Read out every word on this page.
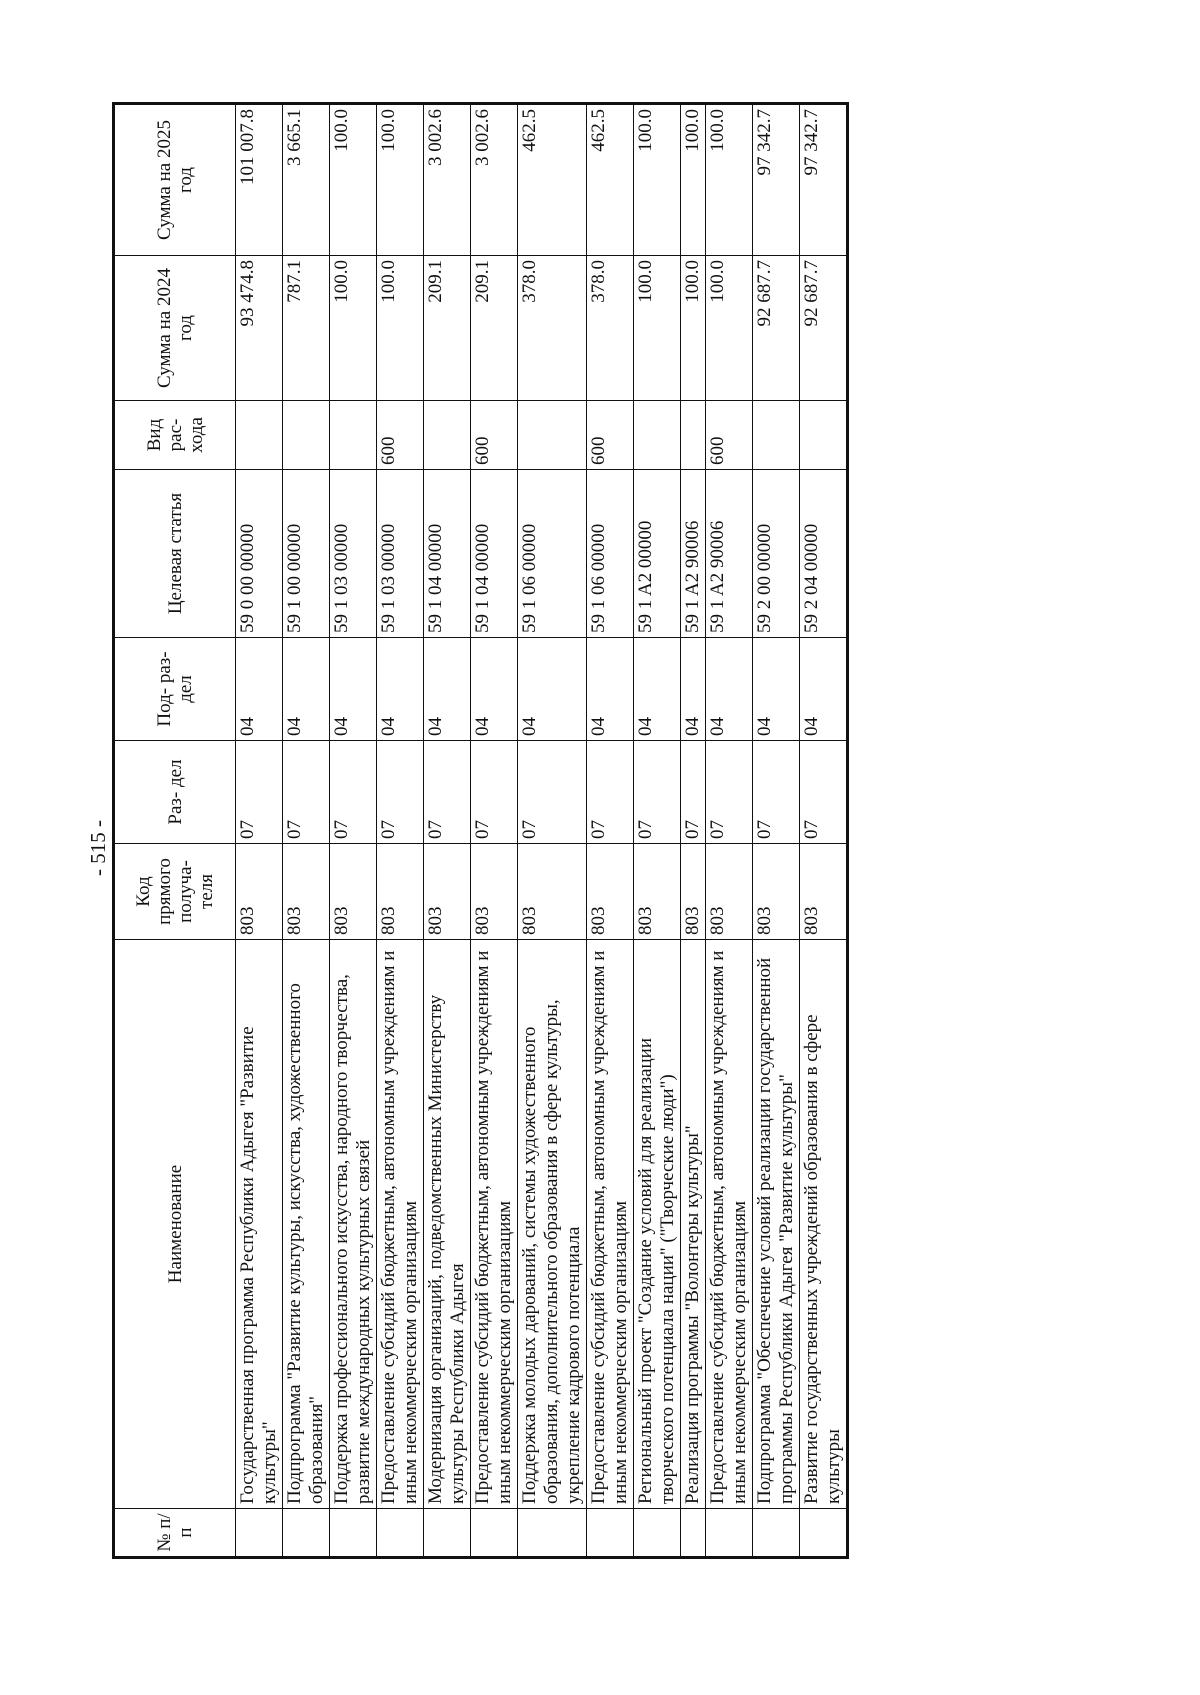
- 515 -
№ п/п	Наименование	Код прямого получа- теля	Раз- дел	Под- раз- дел	Целевая статья	Вид рас- хода	Сумма на 2024 год	Сумма на 2025 год
	Государственная программа Республики Адыгея "Развитие культуры"	803	07	04	59 0 00 00000		93 474.8	101 007.8
	Подпрограмма "Развитие культуры, искусства, художественного образования"	803	07	04	59 1 00 00000		787.1	3 665.1
	Поддержка профессионального искусства, народного творчества, развитие международных культурных связей	803	07	04	59 1 03 00000		100.0	100.0
	Предоставление субсидий бюджетным, автономным учреждениям и иным некоммерческим организациям	803	07	04	59 1 03 00000	600	100.0	100.0
	Модернизация организаций, подведомственных Министерству культуры Республики Адыгея	803	07	04	59 1 04 00000		209.1	3 002.6
	Предоставление субсидий бюджетным, автономным учреждениям и иным некоммерческим организациям	803	07	04	59 1 04 00000	600	209.1	3 002.6
	Поддержка молодых дарований, системы художественного образования, дополнительного образования в сфере культуры, укрепление кадрового потенциала	803	07	04	59 1 06 00000		378.0	462.5
	Предоставление субсидий бюджетным, автономным учреждениям и иным некоммерческим организациям	803	07	04	59 1 06 00000	600	378.0	462.5
	Региональный проект "Создание условий для реализации творческого потенциала нации" ("Творческие люди")	803	07	04	59 1 A2 00000		100.0	100.0
	Реализация программы "Волонтеры культуры"	803	07	04	59 1 A2 90006		100.0	100.0
	Предоставление субсидий бюджетным, автономным учреждениям и иным некоммерческим организациям	803	07	04	59 1 A2 90006	600	100.0	100.0
	Подпрограмма "Обеспечение условий реализации государственной программы Республики Адыгея "Развитие культуры"	803	07	04	59 2 00 00000		92 687.7	97 342.7
	Развитие государственных учреждений образования в сфере культуры	803	07	04	59 2 04 00000		92 687.7	97 342.7
